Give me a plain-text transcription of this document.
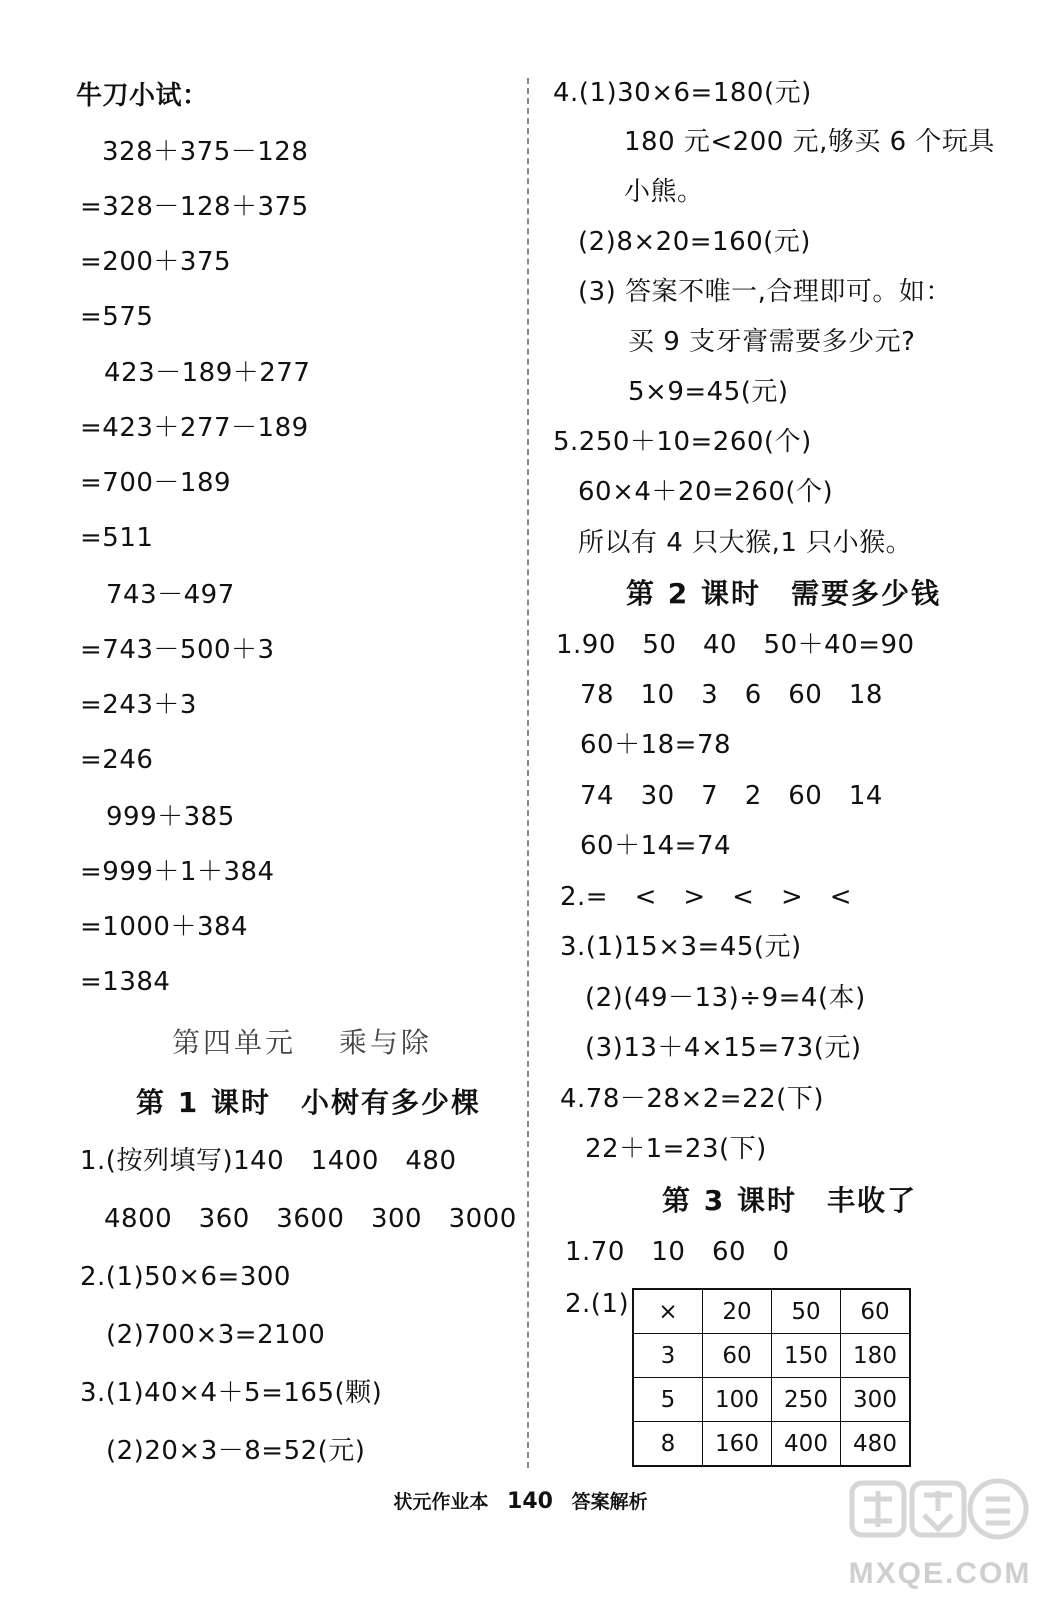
牛刀小试：
328＋375－128
=328－128＋375
=200＋375
=575
423－189＋277
=423＋277－189
=700－189
=511
743－497
=743－500＋3
=243＋3
=246
999＋385
=999＋1＋384
=1000＋384
=1384
第四单元　 乘与除
第 1 课时　小树有多少棵
1.(按列填写)140　1400　480
4800　360　3600　300　3000
2.(1)50×6=300
(2)700×3=2100
3.(1)40×4＋5=165(颗)
(2)20×3－8=52(元)
4.(1)30×6=180(元)
180 元<200 元,够买 6 个玩具
小熊。
(2)8×20=160(元)
(3) 答案不唯一,合理即可。如：
买 9 支牙膏需要多少元?
5×9=45(元)
5.250＋10=260(个)
60×4＋20=260(个)
所以有 4 只大猴,1 只小猴。
第 2 课时　需要多少钱
1.90　50　40　50＋40=90
78　10　3　6　60　18
60＋18=78
74　30　7　2　60　14
60＋14=74
2.=　<　>　<　>　<
3.(1)15×3=45(元)
(2)(49－13)÷9=4(本)
(3)13＋4×15=73(元)
4.78－28×2=22(下)
22＋1=23(下)
第 3 课时　丰收了
1.70　10　60　0
2.(1) ×	20	50	60
3	60	150	180
5	100	250	300
8	160	400	480
状元作业本 140 答案解析
MXQE.COM
